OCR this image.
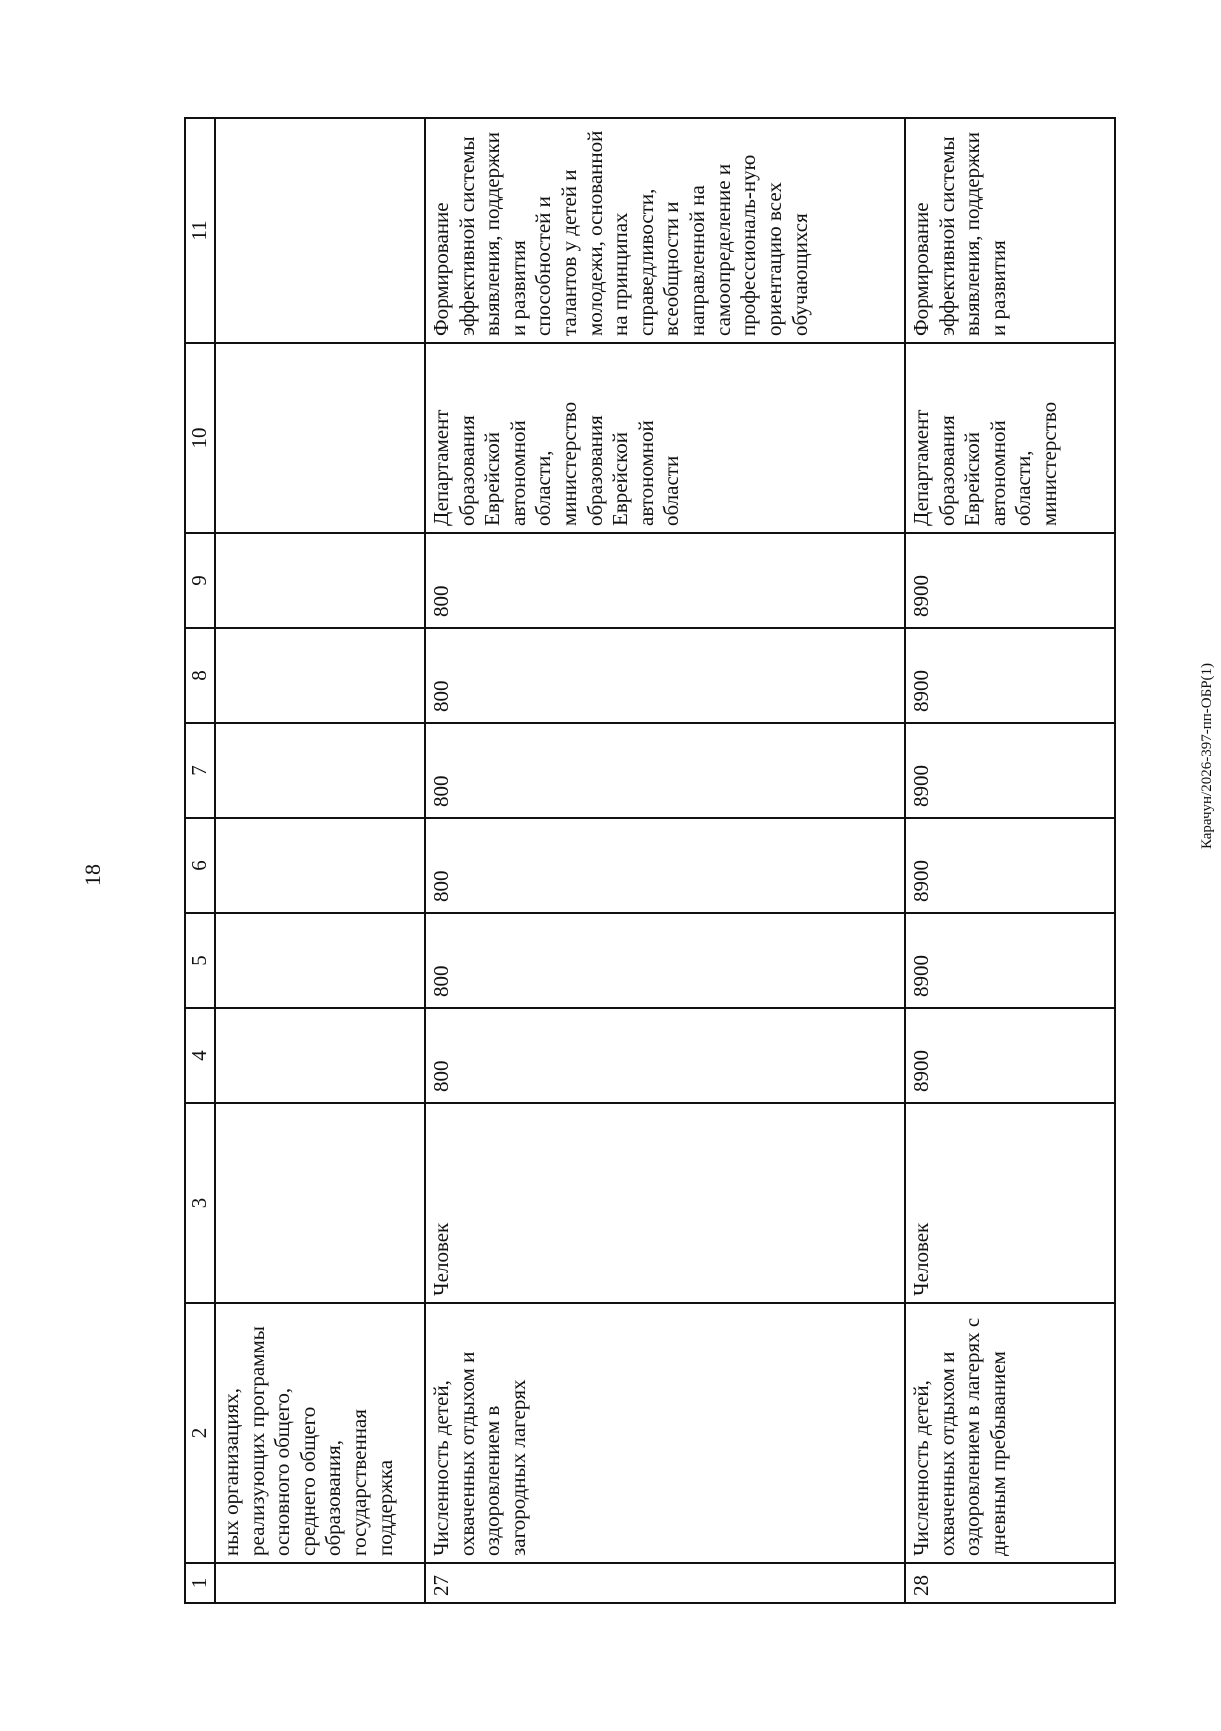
18
1	2	3	4	5	6	7	8	9	10	11
	ных организациях, реализующих программы основного общего, среднего общего образования, государственная поддержка									
27	Численность детей, охваченных отдыхом и оздоровлением в загородных лагерях	Человек	800	800	800	800	800	800	Департамент образования Еврейской автономной области, министерство образования Еврейской автономной области	Формирование эффективной системы выявления, поддержки и развития способностей и талантов у детей и молодежи, основанной на принципах справедливости, всеобщности и направленной на самоопределение и профессиональ-ную ориентацию всех обучающихся
28	Численность детей, охваченных отдыхом и оздоровлением в лагерях с дневным пребыванием	Человек	8900	8900	8900	8900	8900	8900	Департамент образования Еврейской автономной области, министерство	Формирование эффективной системы выявления, поддержки и развития
Карачун/2026-397-пп-ОБР(1)
